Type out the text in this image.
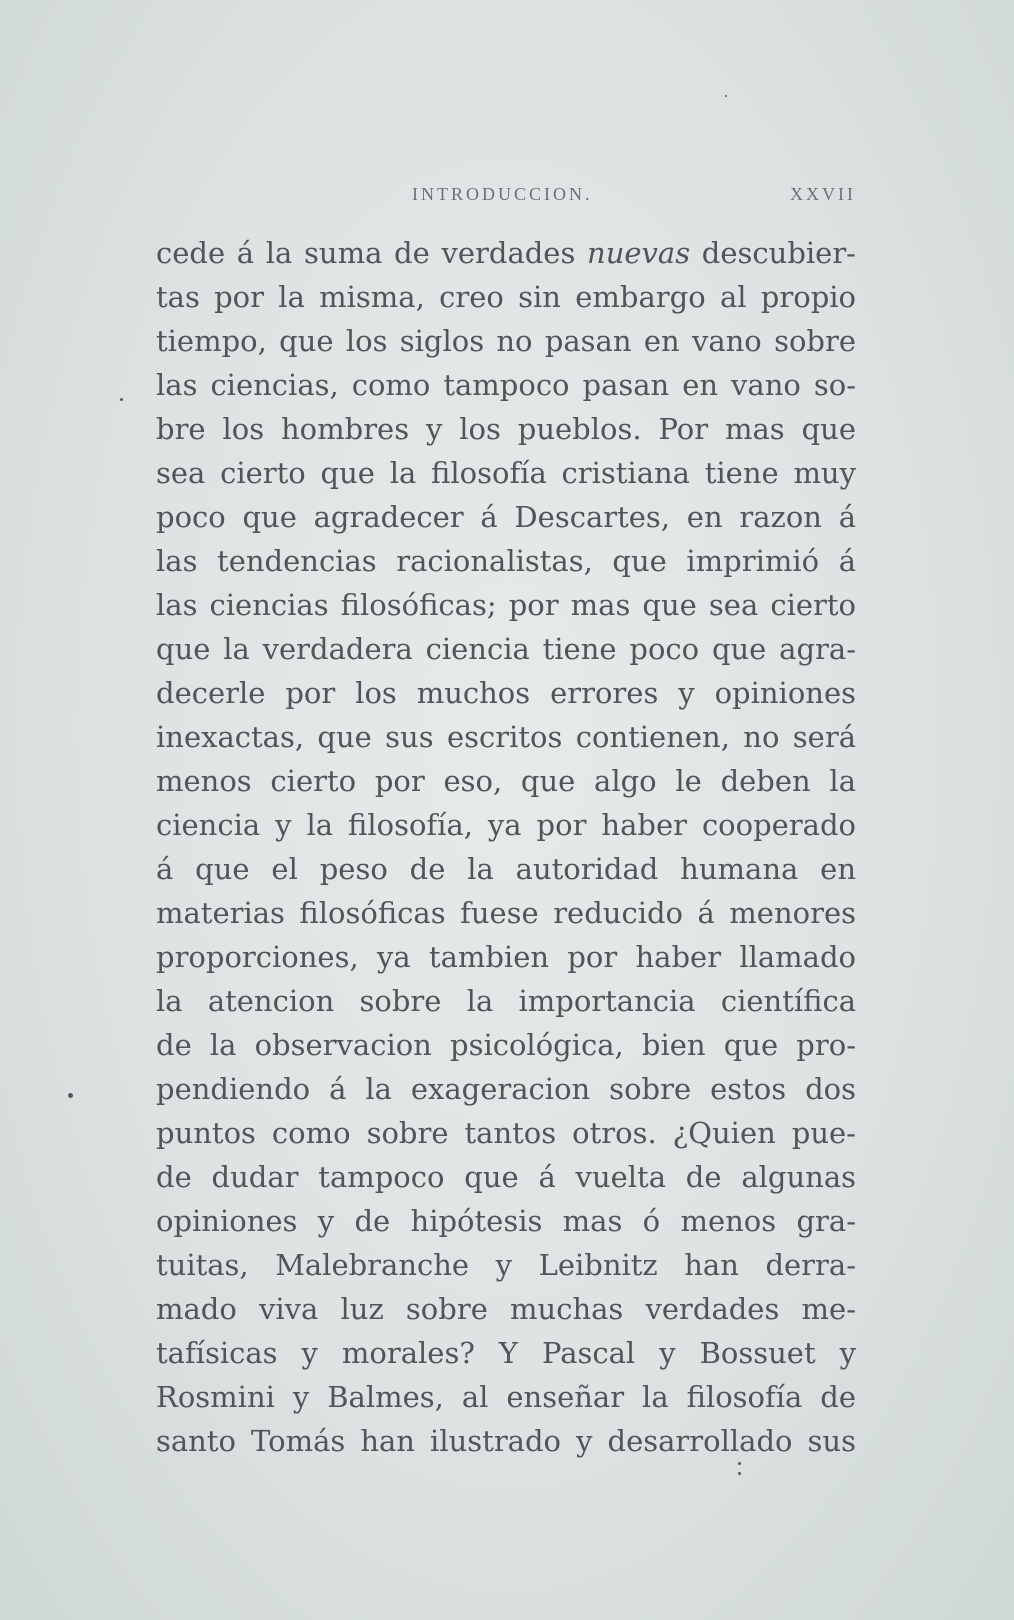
INTRODUCCION.	XXVII
cede á la suma de verdades nuevas descubier-
tas por la misma, creo sin embargo al propio
tiempo, que los siglos no pasan en vano sobre
las ciencias, como tampoco pasan en vano so-
bre los hombres y los pueblos. Por mas que
sea cierto que la filosofía cristiana tiene muy
poco que agradecer á Descartes, en razon á
las tendencias racionalistas, que imprimió á
las ciencias filosóficas; por mas que sea cierto
que la verdadera ciencia tiene poco que agra-
decerle por los muchos errores y opiniones
inexactas, que sus escritos contienen, no será
menos cierto por eso, que algo le deben la
ciencia y la filosofía, ya por haber cooperado
á que el peso de la autoridad humana en
materias filosóficas fuese reducido á menores
proporciones, ya tambien por haber llamado
la atencion sobre la importancia científica
de la observacion psicológica, bien que pro-
pendiendo á la exageracion sobre estos dos
puntos como sobre tantos otros. ¿Quien pue-
de dudar tampoco que á vuelta de algunas
opiniones y de hipótesis mas ó menos gra-
tuitas, Malebranche y Leibnitz han derra-
mado viva luz sobre muchas verdades me-
tafísicas y morales? Y Pascal y Bossuet y
Rosmini y Balmes, al enseñar la filosofía de
santo Tomás han ilustrado y desarrollado sus
